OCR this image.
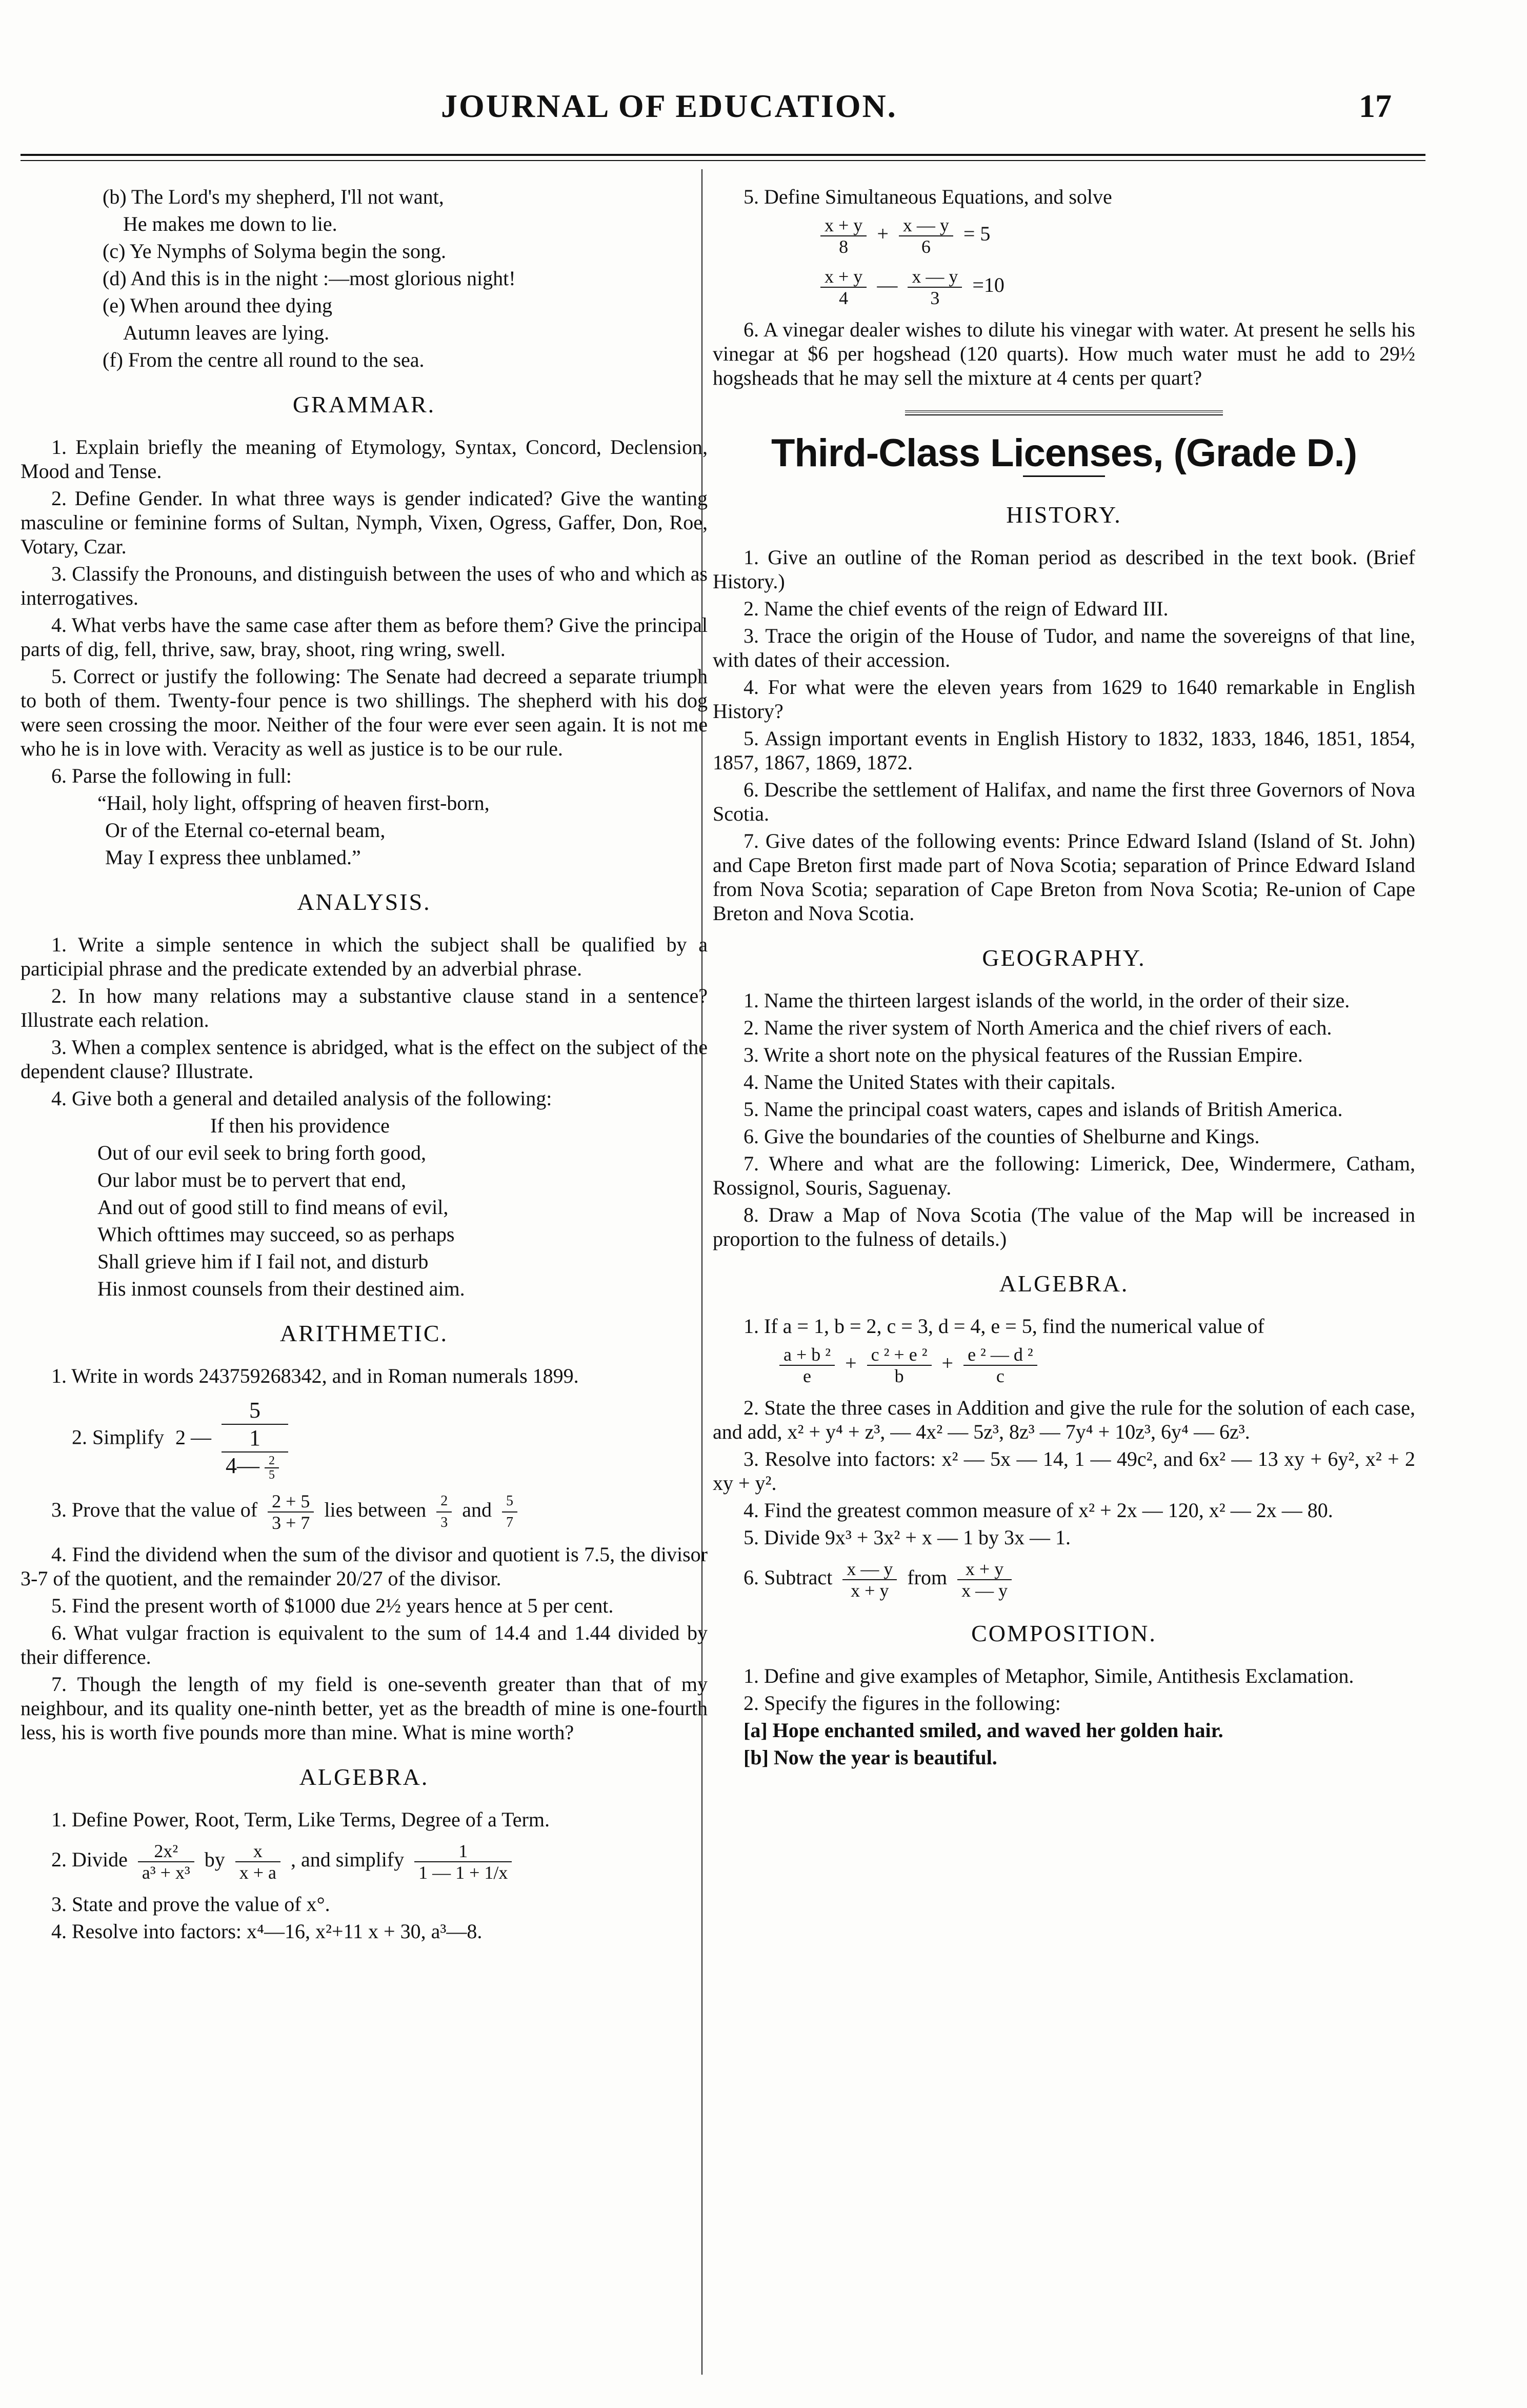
JOURNAL OF EDUCATION.	17

(b) The Lord's my shepherd, I'll not want,

He makes me down to lie.

(c) Ye Nymphs of Solyma begin the song.

(d) And this is in the night :—most glorious night!

(e) When around thee dying

Autumn leaves are lying.

(f) From the centre all round to the sea.

GRAMMAR.

1. Explain briefly the meaning of Etymology, Syntax, Concord, Declension, Mood and Tense.

2. Define Gender. In what three ways is gender indicated? Give the wanting masculine or feminine forms of Sultan, Nymph, Vixen, Ogress, Gaffer, Don, Roe, Votary, Czar.

3. Classify the Pronouns, and distinguish between the uses of who and which as interrogatives.

4. What verbs have the same case after them as before them? Give the principal parts of dig, fell, thrive, saw, bray, shoot, ring wring, swell.

5. Correct or justify the following: The Senate had decreed a separate triumph to both of them. Twenty-four pence is two shillings. The shepherd with his dog were seen crossing the moor. Neither of the four were ever seen again. It is not me who he is in love with. Veracity as well as justice is to be our rule.

6. Parse the following in full:

“Hail, holy light, offspring of heaven first-born,

Or of the Eternal co-eternal beam,

May I express thee unblamed.”

ANALYSIS.

1. Write a simple sentence in which the subject shall be qualified by a participial phrase and the predicate extended by an adverbial phrase.

2. In how many relations may a substantive clause stand in a sentence? Illustrate each relation.

3. When a complex sentence is abridged, what is the effect on the subject of the dependent clause? Illustrate.

4. Give both a general and detailed analysis of the following:

If then his providence

Out of our evil seek to bring forth good,

Our labor must be to pervert that end,

And out of good still to find means of evil,

Which ofttimes may succeed, so as perhaps

Shall grieve him if I fail not, and disturb

His inmost counsels from their destined aim.

ARITHMETIC.

1. Write in words 243759268342, and in Roman numerals 1899.

2. Simplify 2 —
5
1
4— $\frac{2}{5}$
3. Prove that the value of $\frac{2 + 5}{3 + 7}$ lies between $\frac{2}{3}$ and $\frac{5}{7}$

4. Find the dividend when the sum of the divisor and quotient is 7.5, the divisor 3-7 of the quotient, and the remainder 20/27 of the divisor.

5. Find the present worth of $1000 due 2½ years hence at 5 per cent.

6. What vulgar fraction is equivalent to the sum of 14.4 and 1.44 divided by their difference.

7. Though the length of my field is one-seventh greater than that of my neighbour, and its quality one-ninth better, yet as the breadth of mine is one-fourth less, his is worth five pounds more than mine. What is mine worth?

ALGEBRA.

1. Define Power, Root, Term, Like Terms, Degree of a Term.

2. Divide $\frac{\text{2x²}}{\text{a³ + x³}}$ by $\frac{x}{x + a}$ , and simplify $\frac{1}{1 — 1 + 1/x}$

3. State and prove the value of x°.

4. Resolve into factors: x⁴—16, x²+11 x + 30, a³—8.

5. Define Simultaneous Equations, and solve

$\frac{x + y}{8} + \frac{x — y}{6} = 5$
$\frac{x + y}{4}$ — $\frac{x — y}{3} =10$

6. A vinegar dealer wishes to dilute his vinegar with water. At present he sells his vinegar at $6 per hogshead (120 quarts). How much water must he add to 29½ hogsheads that he may sell the mixture at 4 cents per quart?

Third-Class Licenses, (Grade D.)
HISTORY.

1. Give an outline of the Roman period as described in the text book. (Brief History.)

2. Name the chief events of the reign of Edward III.

3. Trace the origin of the House of Tudor, and name the sovereigns of that line, with dates of their accession.

4. For what were the eleven years from 1629 to 1640 remarkable in English History?

5. Assign important events in English History to 1832, 1833, 1846, 1851, 1854, 1857, 1867, 1869, 1872.

6. Describe the settlement of Halifax, and name the first three Governors of Nova Scotia.

7. Give dates of the following events: Prince Edward Island (Island of St. John) and Cape Breton first made part of Nova Scotia; separation of Prince Edward Island from Nova Scotia; separation of Cape Breton from Nova Scotia; Re-union of Cape Breton and Nova Scotia.

GEOGRAPHY.

1. Name the thirteen largest islands of the world, in the order of their size.

2. Name the river system of North America and the chief rivers of each.

3. Write a short note on the physical features of the Russian Empire.

4. Name the United States with their capitals.

5. Name the principal coast waters, capes and islands of British America.

6. Give the boundaries of the counties of Shelburne and Kings.

7. Where and what are the following: Limerick, Dee, Windermere, Catham, Rossignol, Souris, Saguenay.

8. Draw a Map of Nova Scotia (The value of the Map will be increased in proportion to the fulness of details.)

ALGEBRA.

1. If a = 1, b = 2, c = 3, d = 4, e = 5, find the numerical value of

$\frac{\text{a + b ²}}{e} + \frac{\text{c ² + e ²}}{b} + \frac{\text{e ² — d ²}}{c}$

2. State the three cases in Addition and give the rule for the solution of each case, and add, x² + y⁴ + z³, — 4x² — 5z³, 8z³ — 7y⁴ + 10z³, 6y⁴ — 6z³.

3. Resolve into factors: x² — 5x — 14, 1 — 49c², and 6x² — 13 xy + 6y², x² + 2 xy + y².

4. Find the greatest common measure of x² + 2x — 120, x² — 2x — 80.

5. Divide 9x³ + 3x² + x — 1 by 3x — 1.

6. Subtract $\frac{x — y}{x + y}$ from $\frac{x + y}{x — y}$
COMPOSITION.

1. Define and give examples of Metaphor, Simile, Antithesis Exclamation.

2. Specify the figures in the following:

[a] Hope enchanted smiled, and waved her golden hair.

[b] Now the year is beautiful.
